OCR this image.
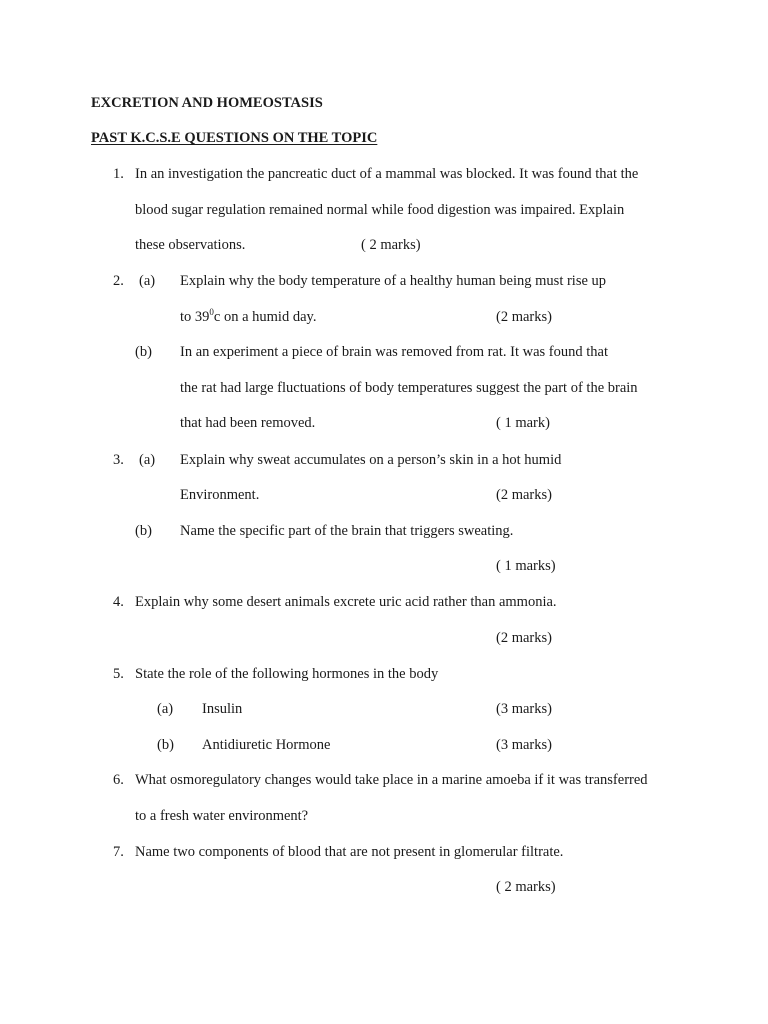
EXCRETION AND HOMEOSTASIS
PAST K.C.S.E QUESTIONS ON THE TOPIC
1. In an investigation the pancreatic duct of a mammal was blocked. It was found that the
blood sugar regulation remained normal while food digestion was impaired. Explain
these observations.	( 2 marks)
2. (a) Explain why the body temperature of a healthy human being must rise up
to $39^0c$ on a humid day.	(2 marks)
(b) In an experiment a piece of brain was removed from rat. It was found that
the rat had large fluctuations of body temperatures suggest the part of the brain
that had been removed.	( 1 mark)
3. (a) Explain why sweat accumulates on a person’s skin in a hot humid
Environment.	(2 marks)
(b) Name the specific part of the brain that triggers sweating.
( 1 marks)
4. Explain why some desert animals excrete uric acid rather than ammonia.
(2 marks)
5. State the role of the following hormones in the body
(a) Insulin	(3 marks)
(b) Antidiuretic Hormone	(3 marks)
6. What osmoregulatory changes would take place in a marine amoeba if it was transferred
to a fresh water environment?
7. Name two components of blood that are not present in glomerular filtrate.
( 2 marks)
